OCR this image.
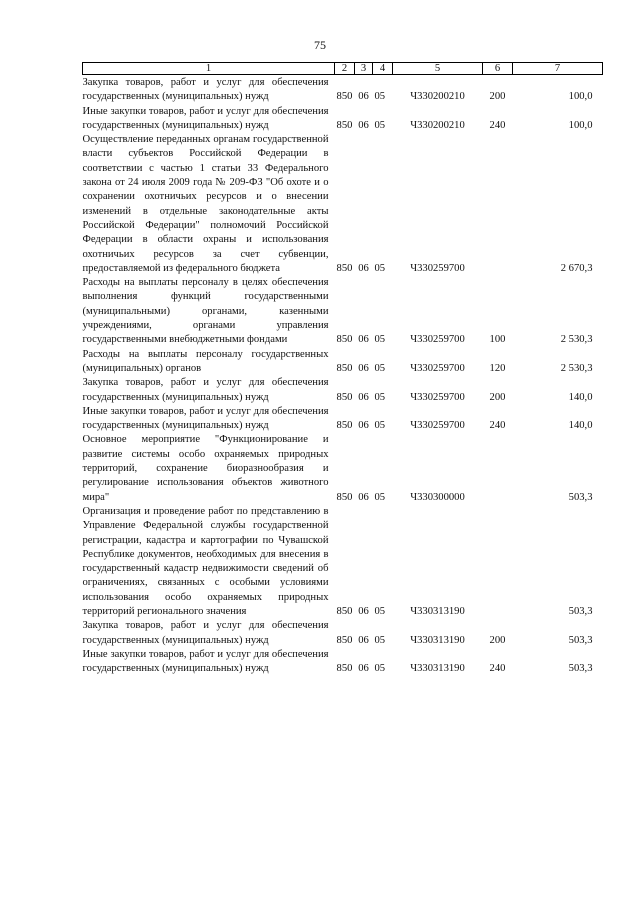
75
1	2	3	4	5	6	7
Закупка товаров, работ и услуг для обеспечения государственных (муниципальных) нужд	850	06	05	Ч330200210	200	100,0
Иные закупки товаров, работ и услуг для обеспечения государственных (муниципальных) нужд	850	06	05	Ч330200210	240	100,0
Осуществление переданных органам государственной власти субъектов Российской Федерации в соответствии с частью 1 статьи 33 Федерального закона от 24 июля 2009 года № 209-ФЗ "Об охоте и о сохранении охотничьих ресурсов и о внесении изменений в отдельные законодательные акты Российской Федерации" полномочий Российской Федерации в области охраны и использования охотничьих ресурсов за счет субвенции, предоставляемой из федерального бюджета	850	06	05	Ч330259700		2 670,3
Расходы на выплаты персоналу в целях обеспечения выполнения функций государственными (муниципальными) органами, казенными учреждениями, органами управления государственными внебюджетными фондами	850	06	05	Ч330259700	100	2 530,3
Расходы на выплаты персоналу государственных (муниципальных) органов	850	06	05	Ч330259700	120	2 530,3
Закупка товаров, работ и услуг для обеспечения государственных (муниципальных) нужд	850	06	05	Ч330259700	200	140,0
Иные закупки товаров, работ и услуг для обеспечения государственных (муниципальных) нужд	850	06	05	Ч330259700	240	140,0
Основное мероприятие "Функционирование и развитие системы особо охраняемых природных территорий, сохранение биоразнообразия и регулирование использования объектов животного мира"	850	06	05	Ч330300000		503,3
Организация и проведение работ по представлению в Управление Федеральной службы государственной регистрации, кадастра и картографии по Чувашской Республике документов, необходимых для внесения в государственный кадастр недвижимости сведений об ограничениях, связанных с особыми условиями использования особо охраняемых природных территорий регионального значения	850	06	05	Ч330313190		503,3
Закупка товаров, работ и услуг для обеспечения государственных (муниципальных) нужд	850	06	05	Ч330313190	200	503,3
Иные закупки товаров, работ и услуг для обеспечения государственных (муниципальных) нужд	850	06	05	Ч330313190	240	503,3
